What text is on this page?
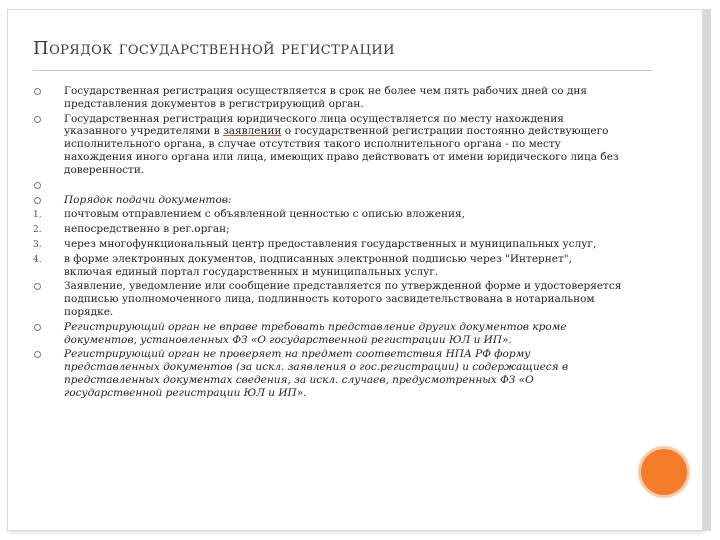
Порядок государственной регистрации
Государственная регистрация осуществляется в срок не более чем пять рабочих дней со дня представления документов в регистрирующий орган.
Государственная регистрация юридического лица осуществляется по месту нахождения указанного учредителями в заявлении о государственной регистрации постоянно действующего исполнительного органа, в случае отсутствия такого исполнительного органа - по месту нахождения иного органа или лица, имеющих право действовать от имени юридического лица без доверенности.
Порядок подачи документов:
1. почтовым отправлением с объявленной ценностью с описью вложения,
2. непосредственно в рег.орган;
3. через многофункциональный центр предоставления государственных и муниципальных услуг,
4. в форме электронных документов, подписанных электронной подписью через "Интернет", включая единый портал государственных и муниципальных услуг.
Заявление, уведомление или сообщение представляется по утвержденной форме и удостоверяется подписью уполномоченного лица, подлинность которого засвидетельствована в нотариальном порядке.
Регистрирующий орган не вправе требовать представление других документов кроме документов, установленных ФЗ «О государственной регистрации ЮЛ и ИП».
Регистрирующий орган не проверяет на предмет соответствия НПА РФ форму представленных документов (за искл. заявления о гос.регистрации) и содержащиеся в представленных документах сведения, за искл. случаев, предусмотренных ФЗ «О государственной регистрации ЮЛ и ИП».
